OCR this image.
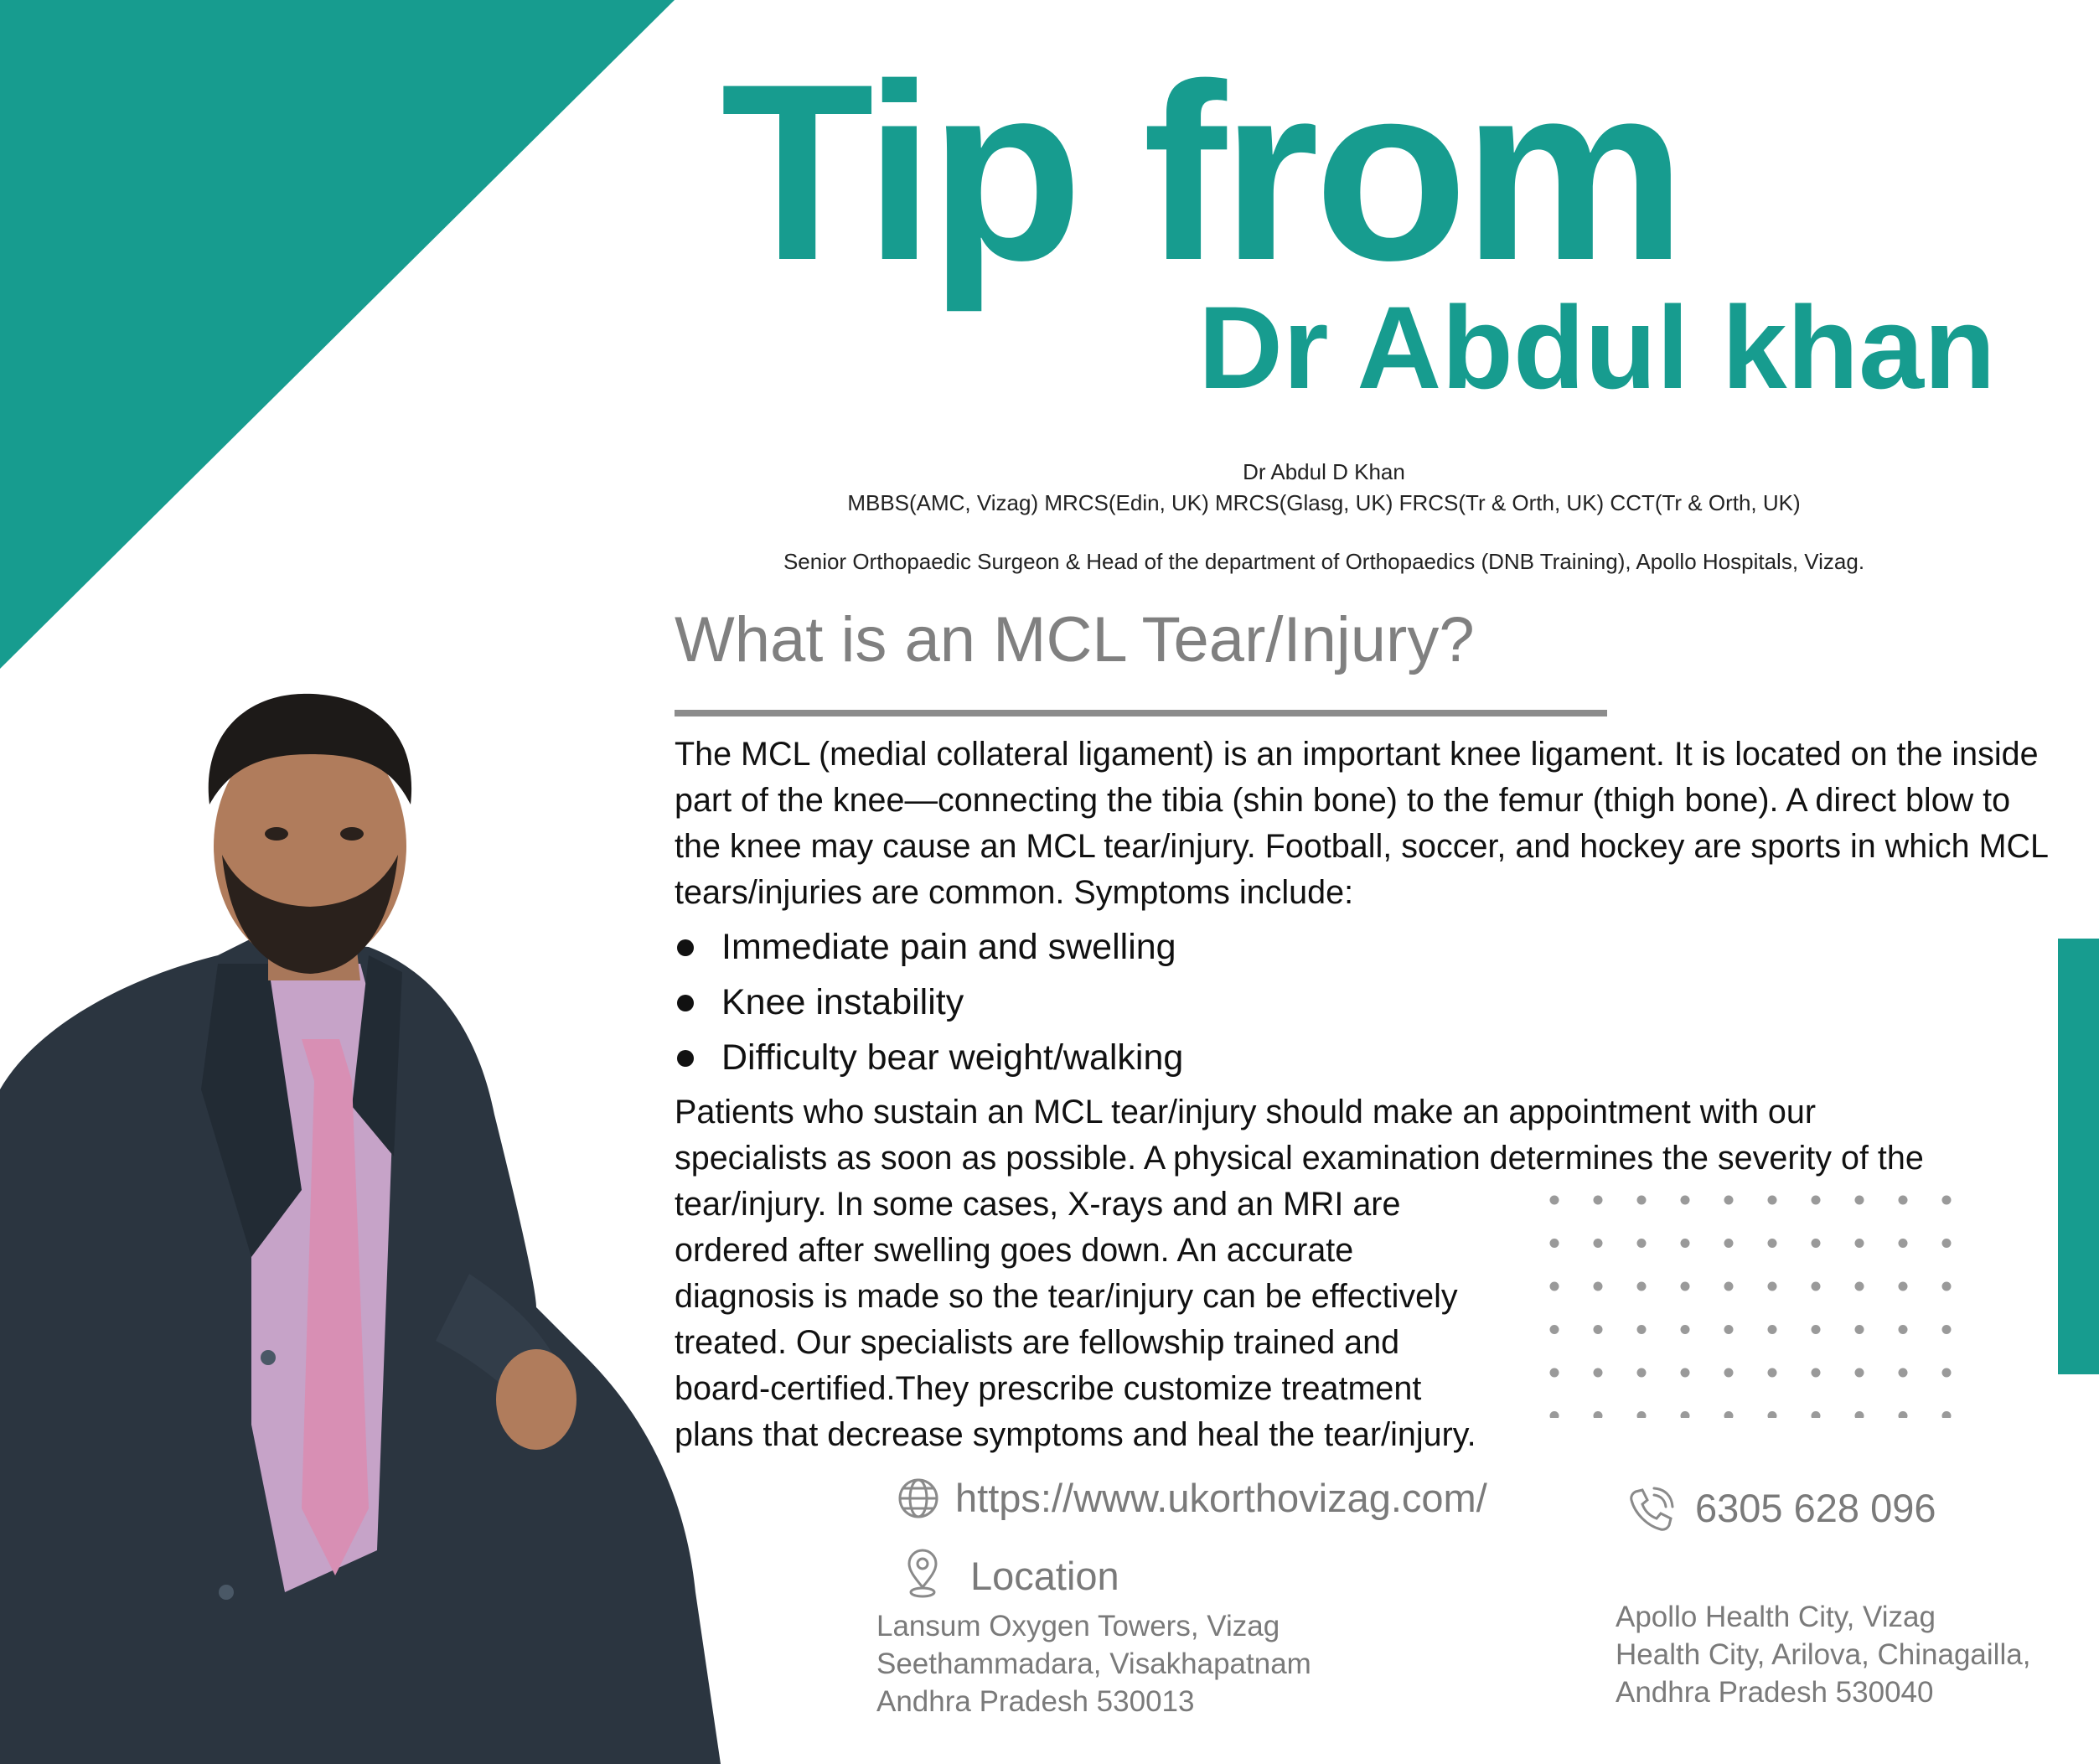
Tip from
Dr Abdul khan
Dr Abdul D Khan
MBBS(AMC, Vizag) MRCS(Edin, UK) MRCS(Glasg, UK) FRCS(Tr & Orth, UK) CCT(Tr & Orth, UK)
Senior Orthopaedic Surgeon & Head of the department of Orthopaedics (DNB Training), Apollo Hospitals, Vizag.
What is an MCL Tear/Injury?

The MCL (medial collateral ligament) is an important knee ligament. It is located on the inside part of the knee—connecting the tibia (shin bone) to the femur (thigh bone). A direct blow to the knee may cause an MCL tear/injury. Football, soccer, and hockey are sports in which MCL tears/injuries are common. Symptoms include:

Immediate pain and swelling
Knee instability
Difficulty bear weight/walking
Patients who sustain an MCL tear/injury should make an appointment with our
specialists as soon as possible. A physical examination determines the severity of the
tear/injury. In some cases, X-rays and an MRI are
ordered after swelling goes down. An accurate
diagnosis is made so the tear/injury can be effectively
treated. Our specialists are fellowship trained and
board-certified.They prescribe customize treatment
plans that decrease symptoms and heal the tear/injury.
https://www.ukorthovizag.com/	6305 628 096
Location
Lansum Oxygen Towers, Vizag
Seethammadara, Visakhapatnam
Andhra Pradesh 530013
Apollo Health City, Vizag
Health City, Arilova, Chinagailla,
Andhra Pradesh 530040
